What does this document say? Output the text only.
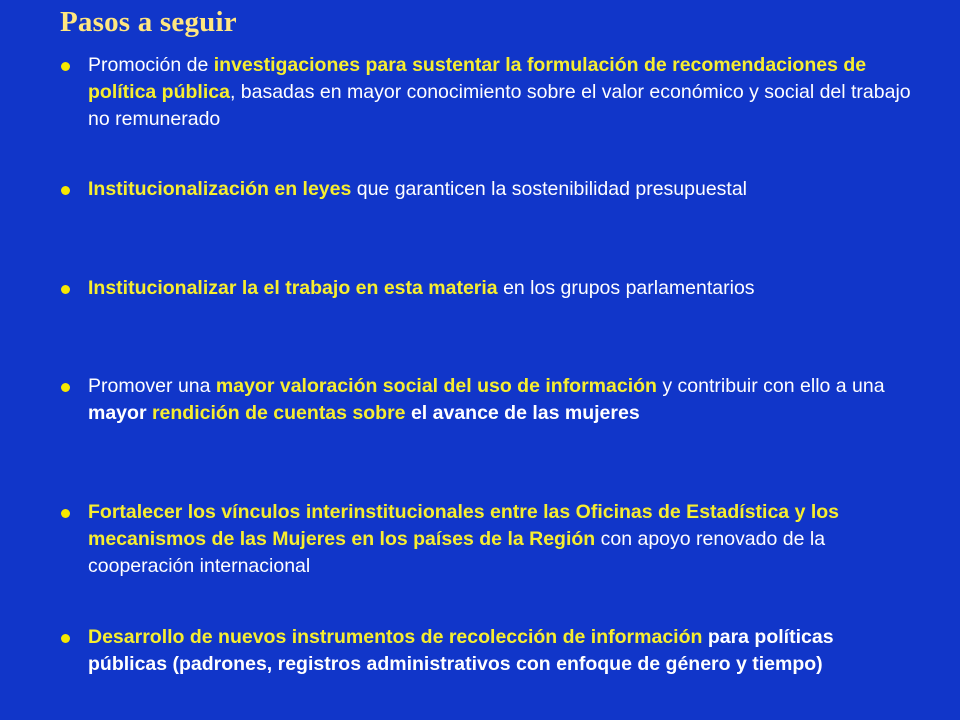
Pasos a seguir
Promoción de investigaciones para sustentar la formulación de recomendaciones de política pública, basadas en mayor conocimiento sobre el valor económico y social del trabajo no remunerado
Institucionalización en leyes que garanticen la sostenibilidad presupuestal
Institucionalizar la el trabajo en esta materia en los grupos parlamentarios
Promover una mayor valoración social del uso de información y contribuir con ello a una mayor rendición de cuentas sobre el avance de las mujeres
Fortalecer los vínculos interinstitucionales entre las Oficinas de Estadística y los mecanismos de las Mujeres en los países de la Región con apoyo renovado de la cooperación internacional
Desarrollo de nuevos instrumentos de recolección de información para políticas públicas (padrones, registros administrativos con enfoque de género y tiempo)
